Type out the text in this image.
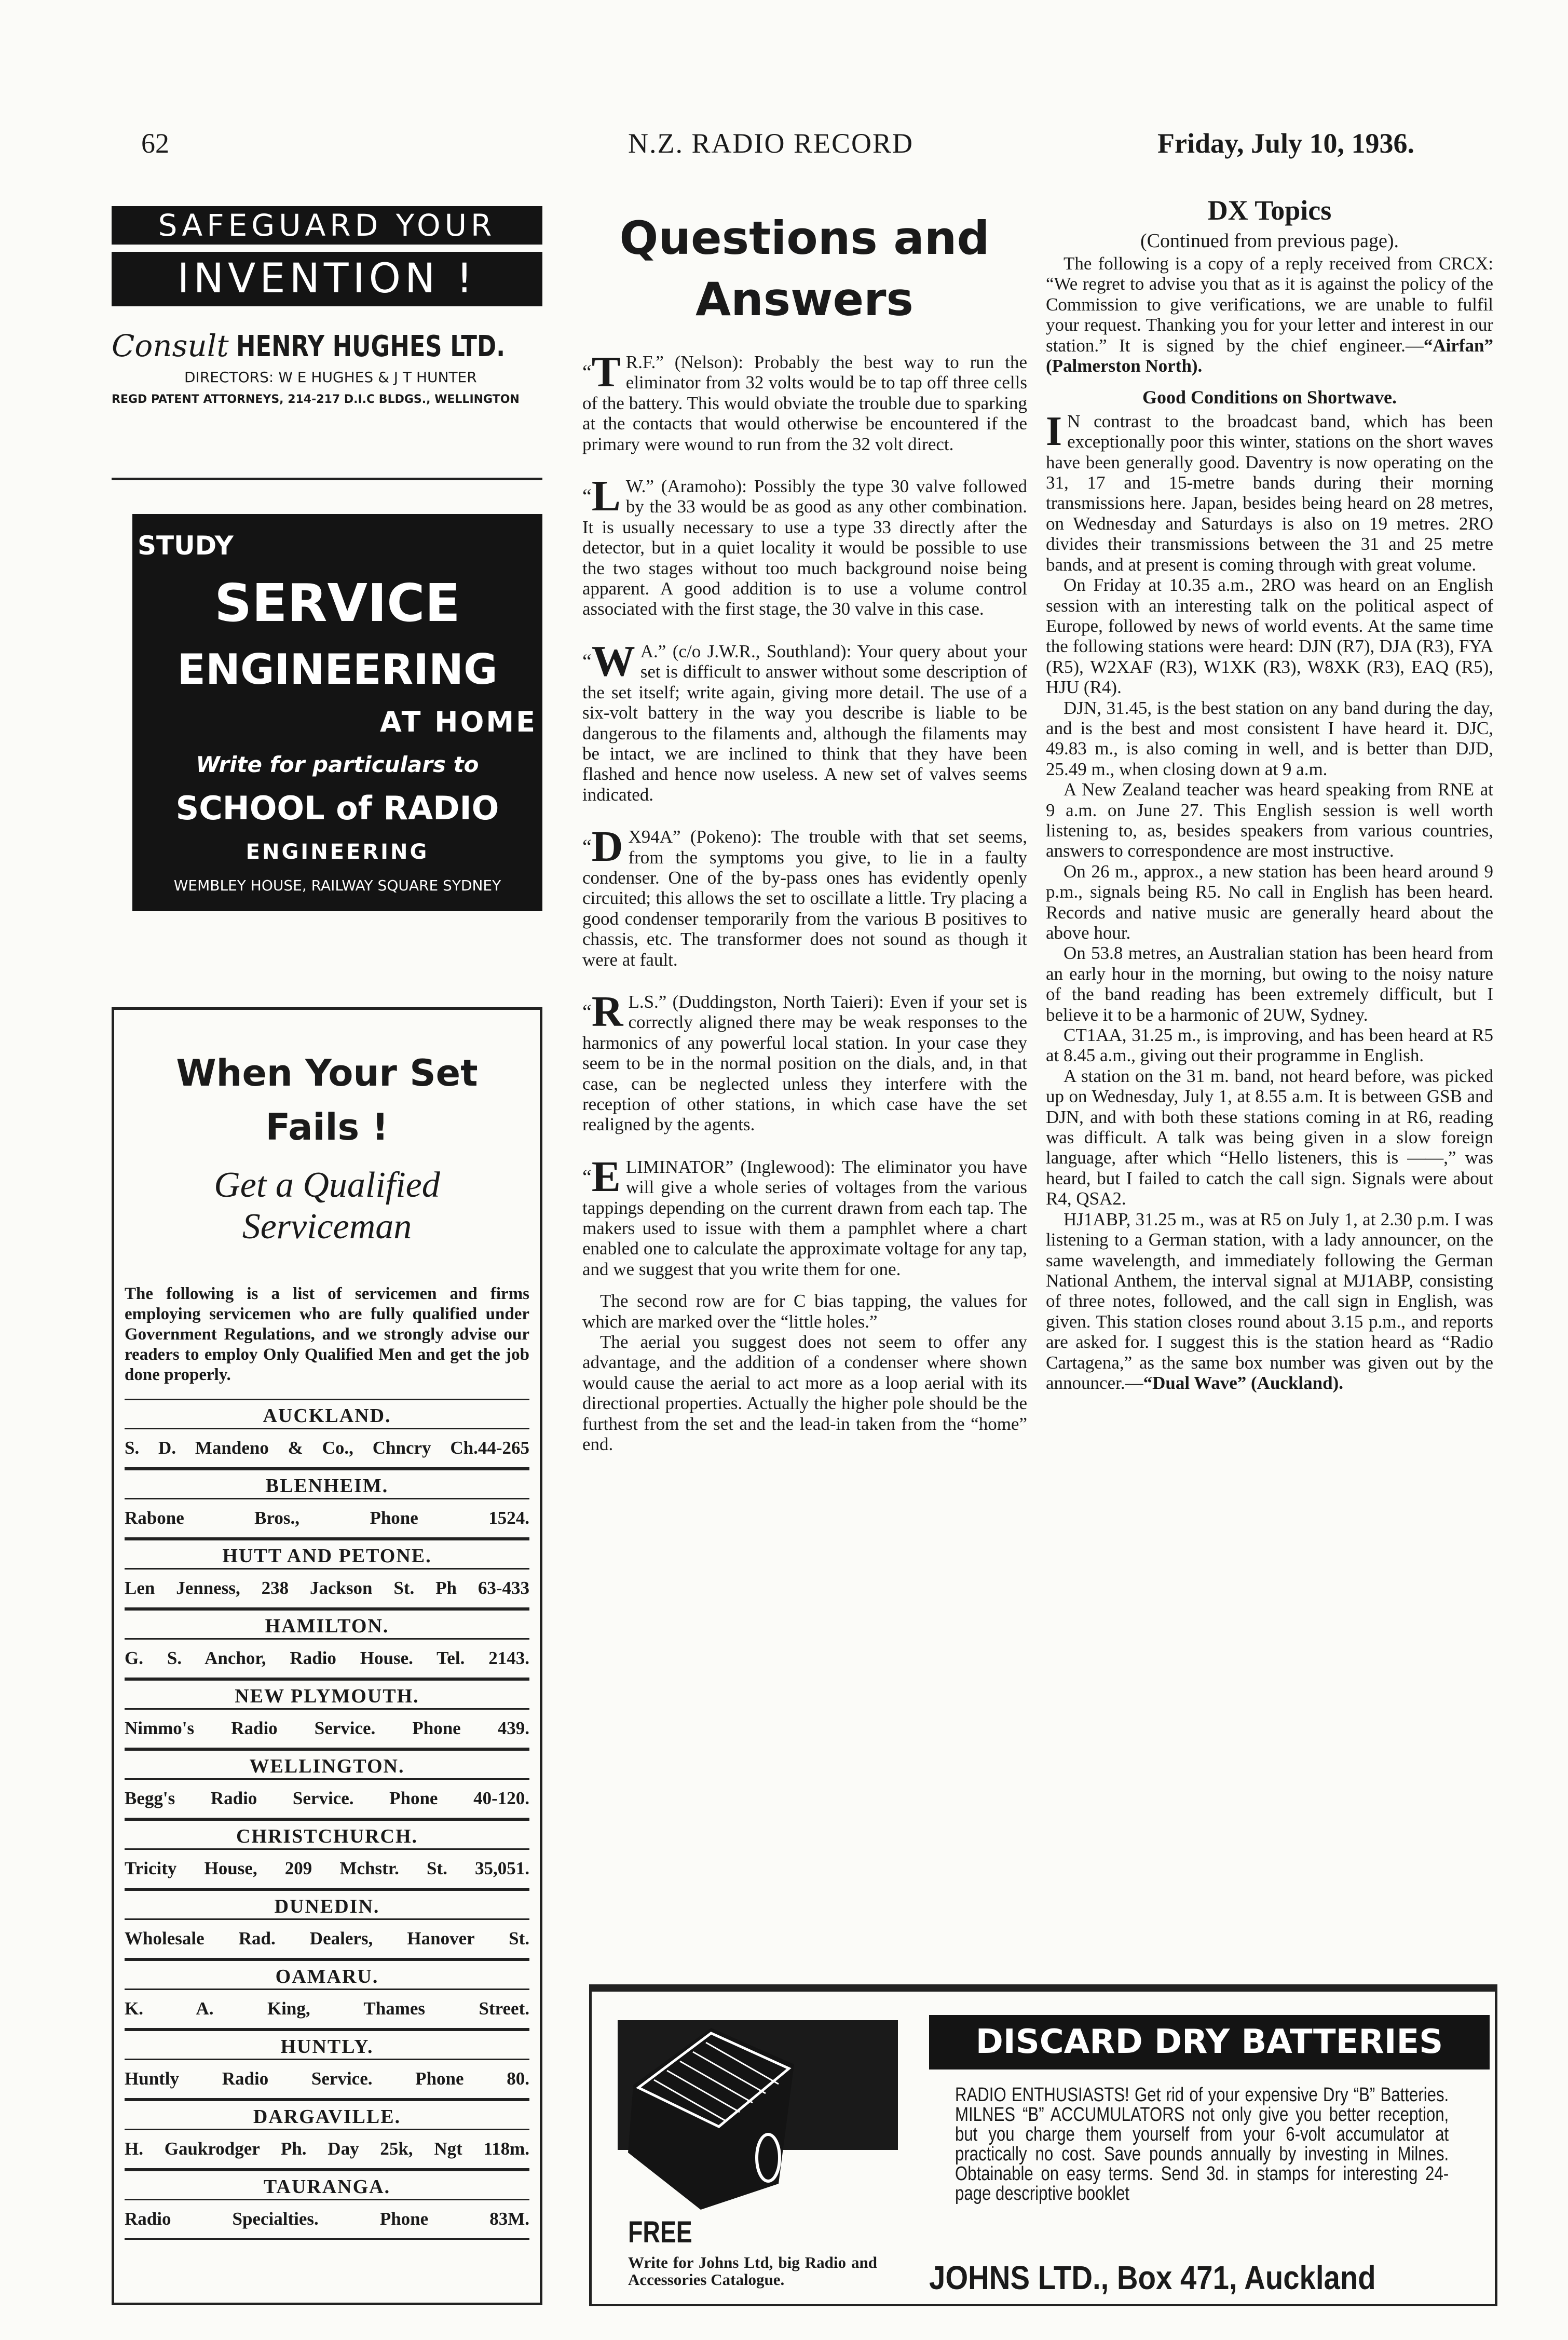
62	N.Z. RADIO RECORD	Friday, July 10, 1936.
SAFEGUARD YOUR
INVENTION !
Consult HENRY HUGHES LTD.
DIRECTORS: W E HUGHES & J T HUNTER
REGD PATENT ATTORNEYS, 214-217 D.I.C BLDGS., WELLINGTON
STUDY
SERVICE
ENGINEERING
AT HOME
Write for particulars to
SCHOOL of RADIO
ENGINEERING
WEMBLEY HOUSE, RAILWAY SQUARE SYDNEY
When Your Set Fails !
Get a Qualified Serviceman
The following is a list of servicemen and firms employing servicemen who are fully qualified under Government Regulations, and we strongly advise our readers to employ Only Qualified Men and get the job done properly.
AUCKLAND.
S. D. Mandeno & Co., Chncry Ch.44-265
BLENHEIM.
Rabone Bros., Phone 1524.
HUTT AND PETONE.
Len Jenness, 238 Jackson St. Ph 63-433
HAMILTON.
G. S. Anchor, Radio House. Tel. 2143.
NEW PLYMOUTH.
Nimmo's Radio Service. Phone 439.
WELLINGTON.
Begg's Radio Service. Phone 40-120.
CHRISTCHURCH.
Tricity House, 209 Mchstr. St. 35,051.
DUNEDIN.
Wholesale Rad. Dealers, Hanover St.
OAMARU.
K. A. King, Thames Street.
HUNTLY.
Huntly Radio Service. Phone 80.
DARGAVILLE.
H. Gaukrodger Ph. Day 25k, Ngt 118m.
TAURANGA.
Radio Specialties. Phone 83M.
Questions and
Answers

“T R.F.” (Nelson): Probably the best way to run the eliminator from 32 volts would be to tap off three cells of the battery. This would obviate the trouble due to sparking at the contacts that would otherwise be encountered if the primary were wound to run from the 32 volt direct.

“L W.” (Aramoho): Possibly the type 30 valve followed by the 33 would be as good as any other combination. It is usually necessary to use a type 33 directly after the detector, but in a quiet locality it would be possible to use the two stages without too much background noise being apparent. A good addition is to use a volume control associated with the first stage, the 30 valve in this case.

“W A.” (c/o J.W.R., Southland): Your query about your set is difficult to answer without some description of the set itself; write again, giving more detail. The use of a six-volt battery in the way you describe is liable to be dangerous to the filaments and, although the filaments may be intact, we are inclined to think that they have been flashed and hence now useless. A new set of valves seems indicated.

“D X94A” (Pokeno): The trouble with that set seems, from the symptoms you give, to lie in a faulty condenser. One of the by-pass ones has evidently openly circuited; this allows the set to oscillate a little. Try placing a good condenser temporarily from the various B positives to chassis, etc. The transformer does not sound as though it were at fault.

“R L.S.” (Duddingston, North Taieri): Even if your set is correctly aligned there may be weak responses to the harmonics of any powerful local station. In your case they seem to be in the normal position on the dials, and, in that case, can be neglected unless they interfere with the reception of other stations, in which case have the set realigned by the agents.

“E LIMINATOR” (Inglewood): The eliminator you have will give a whole series of voltages from the various tappings depending on the current drawn from each tap. The makers used to issue with them a pamphlet where a chart enabled one to calculate the approximate voltage for any tap, and we suggest that you write them for one.

The second row are for C bias tapping, the values for which are marked over the “little holes.”

The aerial you suggest does not seem to offer any advantage, and the addition of a condenser where shown would cause the aerial to act more as a loop aerial with its directional properties. Actually the higher pole should be the furthest from the set and the lead-in taken from the “home” end.

DX Topics
(Continued from previous page).

The following is a copy of a reply received from CRCX: “We regret to advise you that as it is against the policy of the Commission to give verifications, we are unable to fulfil your request. Thanking you for your letter and interest in our station.” It is signed by the chief engineer.—“Airfan” (Palmerston North).

Good Conditions on Shortwave.

I N contrast to the broadcast band, which has been exceptionally poor this winter, stations on the short waves have been generally good. Daventry is now operating on the 31, 17 and 15-metre bands during their morning transmissions here. Japan, besides being heard on 28 metres, on Wednesday and Saturdays is also on 19 metres. 2RO divides their transmissions between the 31 and 25 metre bands, and at present is coming through with great volume.

On Friday at 10.35 a.m., 2RO was heard on an English session with an interesting talk on the political aspect of Europe, followed by news of world events. At the same time the following stations were heard: DJN (R7), DJA (R3), FYA (R5), W2XAF (R3), W1XK (R3), W8XK (R3), EAQ (R5), HJU (R4).

DJN, 31.45, is the best station on any band during the day, and is the best and most consistent I have heard it. DJC, 49.83 m., is also coming in well, and is better than DJD, 25.49 m., when closing down at 9 a.m.

A New Zealand teacher was heard speaking from RNE at 9 a.m. on June 27. This English session is well worth listening to, as, besides speakers from various countries, answers to correspondence are most instructive.

On 26 m., approx., a new station has been heard around 9 p.m., signals being R5. No call in English has been heard. Records and native music are generally heard about the above hour.

On 53.8 metres, an Australian station has been heard from an early hour in the morning, but owing to the noisy nature of the band reading has been extremely difficult, but I believe it to be a harmonic of 2UW, Sydney.

CT1AA, 31.25 m., is improving, and has been heard at R5 at 8.45 a.m., giving out their programme in English.

A station on the 31 m. band, not heard before, was picked up on Wednesday, July 1, at 8.55 a.m. It is between GSB and DJN, and with both these stations coming in at R6, reading was difficult. A talk was being given in a slow foreign language, after which “Hello listeners, this is ——,” was heard, but I failed to catch the call sign. Signals were about R4, QSA2.

HJ1ABP, 31.25 m., was at R5 on July 1, at 2.30 p.m. I was listening to a German station, with a lady announcer, on the same wavelength, and immediately following the German National Anthem, the interval signal at MJ1ABP, consisting of three notes, followed, and the call sign in English, was given. This station closes round about 3.15 p.m., and reports are asked for. I suggest this is the station heard as “Radio Cartagena,” as the same box number was given out by the announcer.—“Dual Wave” (Auckland).

DISCARD DRY BATTERIES
RADIO ENTHUSIASTS! Get rid of your expensive Dry “B” Batteries. MILNES “B” ACCUMULATORS not only give you better reception, but you charge them yourself from your 6-volt accumulator at practically no cost. Save pounds annually by investing in Milnes. Obtainable on easy terms. Send 3d. in stamps for interesting 24-page descriptive booklet
FREE
Write for Johns Ltd, big Radio and Accessories Catalogue.	JOHNS LTD., Box 471, Auckland
